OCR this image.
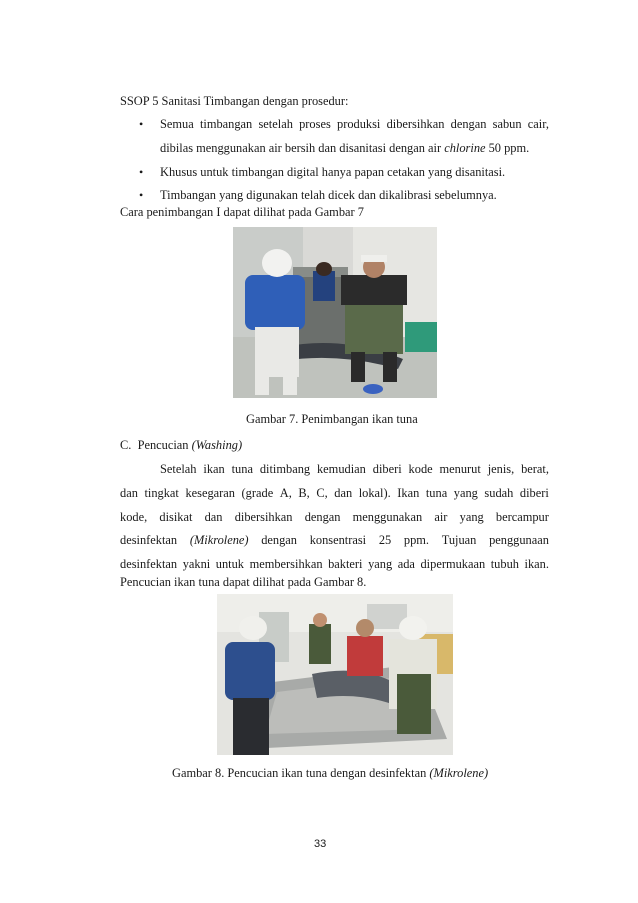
SSOP 5 Sanitasi Timbangan dengan prosedur:
• Semua timbangan setelah proses produksi dibersihkan dengan sabun cair,
dibilas menggunakan air bersih dan disanitasi dengan air chlorine 50 ppm.
• Khusus untuk timbangan digital hanya papan cetakan yang disanitasi.
• Timbangan yang digunakan telah dicek dan dikalibrasi sebelumnya.
Cara penimbangan I dapat dilihat pada Gambar 7
Gambar 7. Penimbangan ikan tuna
C. Pencucian (Washing)
Setelah ikan tuna ditimbang kemudian diberi kode menurut jenis, berat,
dan tingkat kesegaran (grade A, B, C, dan lokal). Ikan tuna yang sudah diberi
kode, disikat dan dibersihkan dengan menggunakan air yang bercampur
desinfektan (Mikrolene) dengan konsentrasi 25 ppm. Tujuan penggunaan
desinfektan yakni untuk membersihkan bakteri yang ada dipermukaan tubuh ikan.
Pencucian ikan tuna dapat dilihat pada Gambar 8.
Gambar 8. Pencucian ikan tuna dengan desinfektan (Mikrolene)
33
